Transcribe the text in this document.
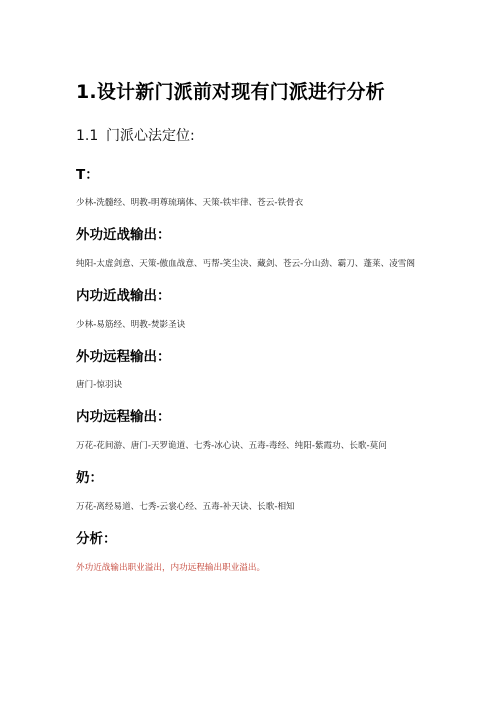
1.设计新门派前对现有门派进行分析
1.1 门派心法定位:
T：
少林-洗髓经、明教-明尊琉璃体、天策-铁牢律、苍云-铁骨衣
外功近战输出：
纯阳-太虚剑意、天策-傲血战意、丐帮-笑尘决、藏剑、苍云-分山劲、霸刀、蓬莱、凌雪阁
内功近战输出：
少林-易筋经、明教-焚影圣诀
外功远程输出：
唐门-惊羽诀
内功远程输出：
万花-花间游、唐门-天罗诡道、七秀-冰心诀、五毒-毒经、纯阳-紫霞功、长歌-莫问
奶：
万花-离经易道、七秀-云裳心经、五毒-补天诀、长歌-相知
分析：
外功近战输出职业溢出，内功远程输出职业溢出。
